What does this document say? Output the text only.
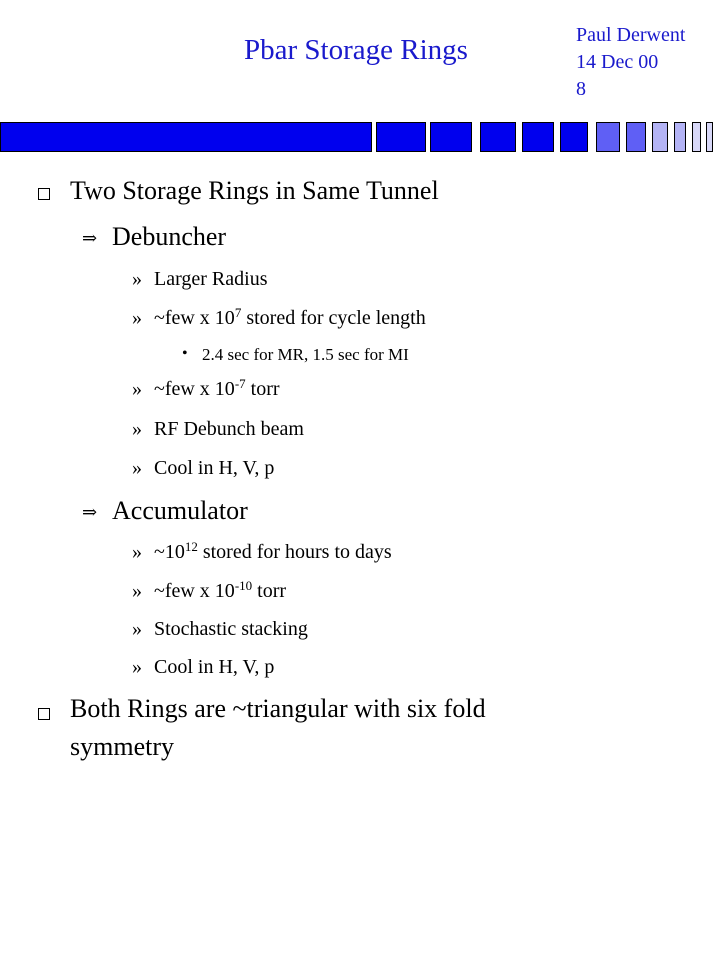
Pbar Storage Rings	Paul Derwent
14 Dec 00
8
Two Storage Rings in Same Tunnel
⇒ Debuncher
» Larger Radius
» ~few x $10^7$ stored for cycle length
• 2.4 sec for MR, 1.5 sec for MI
» ~few x $10^{-7}$ torr
» RF Debunch beam
» Cool in H, V, p
⇒ Accumulator
» $\sim 10^{12}$ stored for hours to days
» ~few x $10^{-10}$ torr
» Stochastic stacking
» Cool in H, V, p
Both Rings are ~triangular with six fold
symmetry
